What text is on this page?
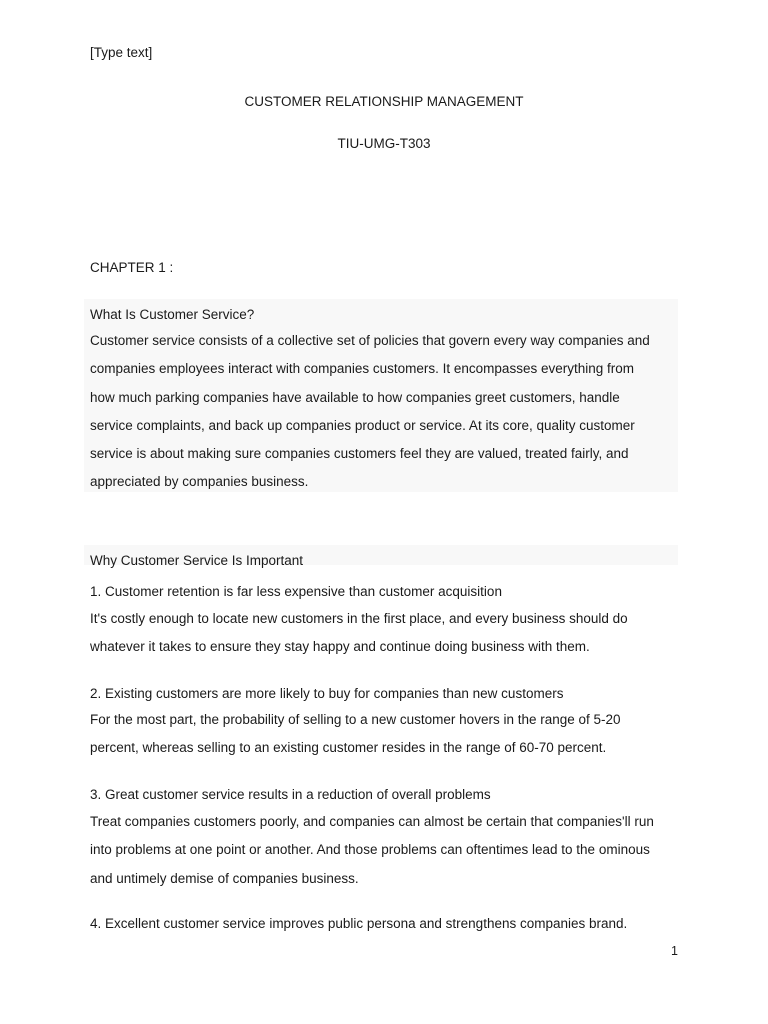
[Type text]
CUSTOMER RELATIONSHIP MANAGEMENT
TIU-UMG-T303
CHAPTER 1 :
What Is Customer Service?
Customer service consists of a collective set of policies that govern every way companies and
companies employees interact with companies customers. It encompasses everything from
how much parking companies have available to how companies greet customers, handle
service complaints, and back up companies product or service. At its core, quality customer
service is about making sure companies customers feel they are valued, treated fairly, and
appreciated by companies business.
Why Customer Service Is Important
1. Customer retention is far less expensive than customer acquisition
It's costly enough to locate new customers in the first place, and every business should do
whatever it takes to ensure they stay happy and continue doing business with them.
2. Existing customers are more likely to buy for companies than new customers
For the most part, the probability of selling to a new customer hovers in the range of 5-20
percent, whereas selling to an existing customer resides in the range of 60-70 percent.
3. Great customer service results in a reduction of overall problems
Treat companies customers poorly, and companies can almost be certain that companies'll run
into problems at one point or another. And those problems can oftentimes lead to the ominous
and untimely demise of companies business.
4. Excellent customer service improves public persona and strengthens companies brand.
1
